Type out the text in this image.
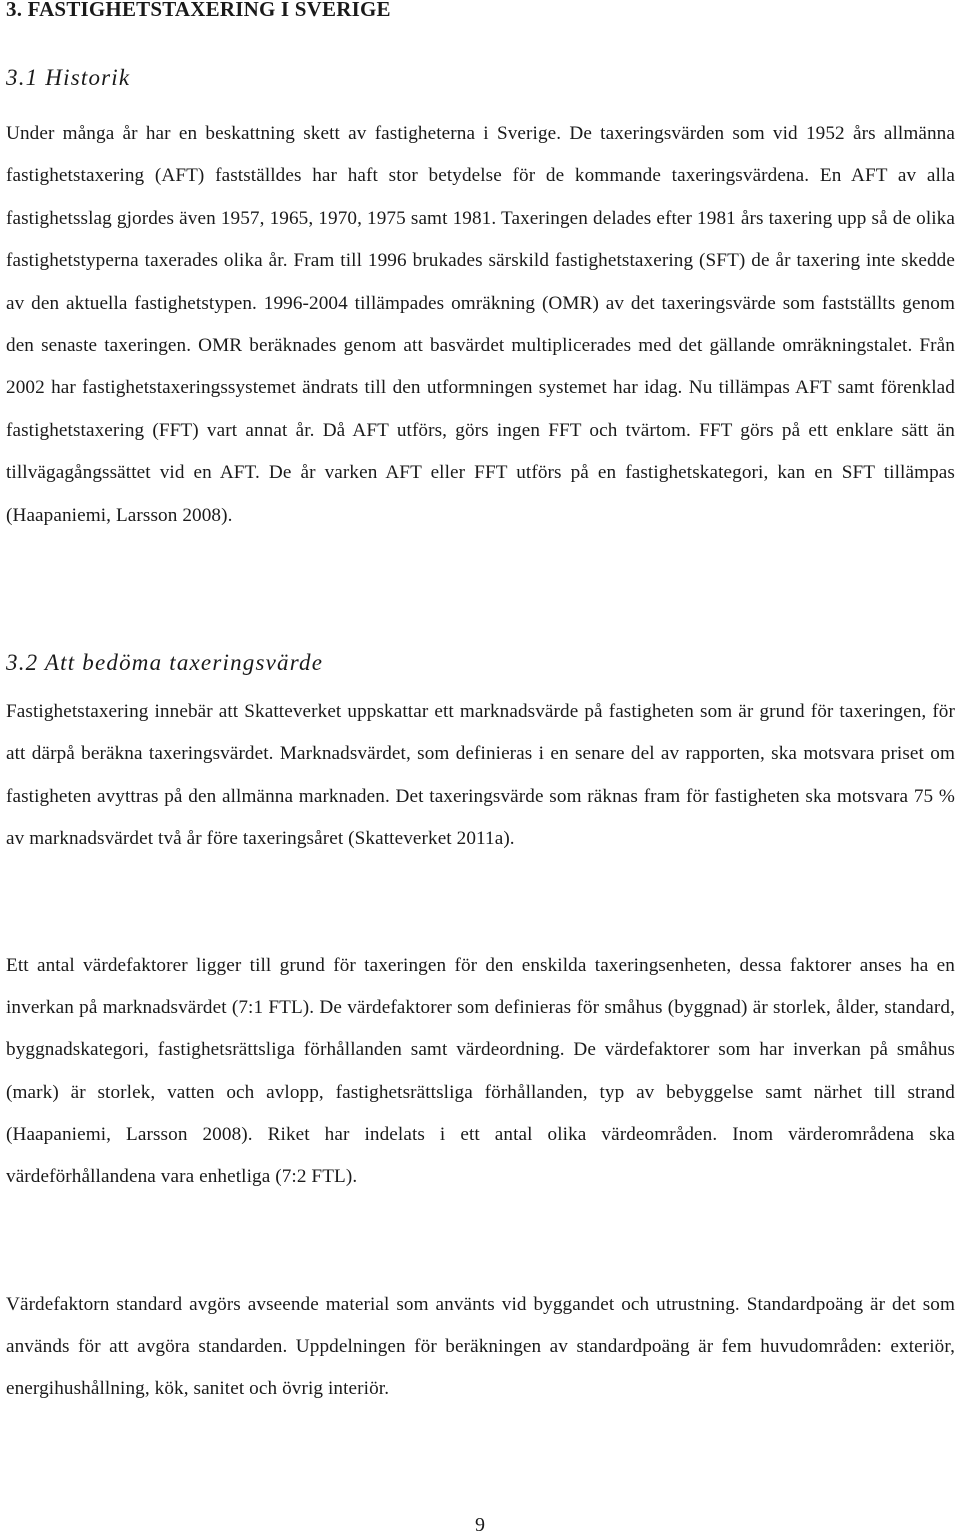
3. FASTIGHETSTAXERING I SVERIGE
3.1 Historik

Under många år har en beskattning skett av fastigheterna i Sverige. De taxeringsvärden som vid 1952 års allmänna fastighetstaxering (AFT) fastställdes har haft stor betydelse för de kommande taxeringsvärdena. En AFT av alla fastighetsslag gjordes även 1957, 1965, 1970, 1975 samt 1981. Taxeringen delades efter 1981 års taxering upp så de olika fastighetstyperna taxerades olika år. Fram till 1996 brukades särskild fastighetstaxering (SFT) de år taxering inte skedde av den aktuella fastighetstypen. 1996-2004 tillämpades omräkning (OMR) av det taxeringsvärde som fastställts genom den senaste taxeringen. OMR beräknades genom att basvärdet multiplicerades med det gällande omräkningstalet. Från 2002 har fastighetstaxeringssystemet ändrats till den utformningen systemet har idag. Nu tillämpas AFT samt förenklad fastighetstaxering (FFT) vart annat år. Då AFT utförs, görs ingen FFT och tvärtom. FFT görs på ett enklare sätt än tillvägagångssättet vid en AFT. De år varken AFT eller FFT utförs på en fastighetskategori, kan en SFT tillämpas (Haapaniemi, Larsson 2008).

3.2 Att bedöma taxeringsvärde

Fastighetstaxering innebär att Skatteverket uppskattar ett marknadsvärde på fastigheten som är grund för taxeringen, för att därpå beräkna taxeringsvärdet. Marknadsvärdet, som definieras i en senare del av rapporten, ska motsvara priset om fastigheten avyttras på den allmänna marknaden. Det taxeringsvärde som räknas fram för fastigheten ska motsvara 75 % av marknadsvärdet två år före taxeringsåret (Skatteverket 2011a).

Ett antal värdefaktorer ligger till grund för taxeringen för den enskilda taxeringsenheten, dessa faktorer anses ha en inverkan på marknadsvärdet (7:1 FTL). De värdefaktorer som definieras för småhus (byggnad) är storlek, ålder, standard, byggnadskategori, fastighetsrättsliga förhållanden samt värdeordning. De värdefaktorer som har inverkan på småhus (mark) är storlek, vatten och avlopp, fastighetsrättsliga förhållanden, typ av bebyggelse samt närhet till strand (Haapaniemi, Larsson 2008). Riket har indelats i ett antal olika värdeområden. Inom värderområdena ska värdeförhållandena vara enhetliga (7:2 FTL).

Värdefaktorn standard avgörs avseende material som använts vid byggandet och utrustning. Standardpoäng är det som används för att avgöra standarden. Uppdelningen för beräkningen av standardpoäng är fem huvudområden: exteriör, energihushållning, kök, sanitet och övrig interiör.

9
